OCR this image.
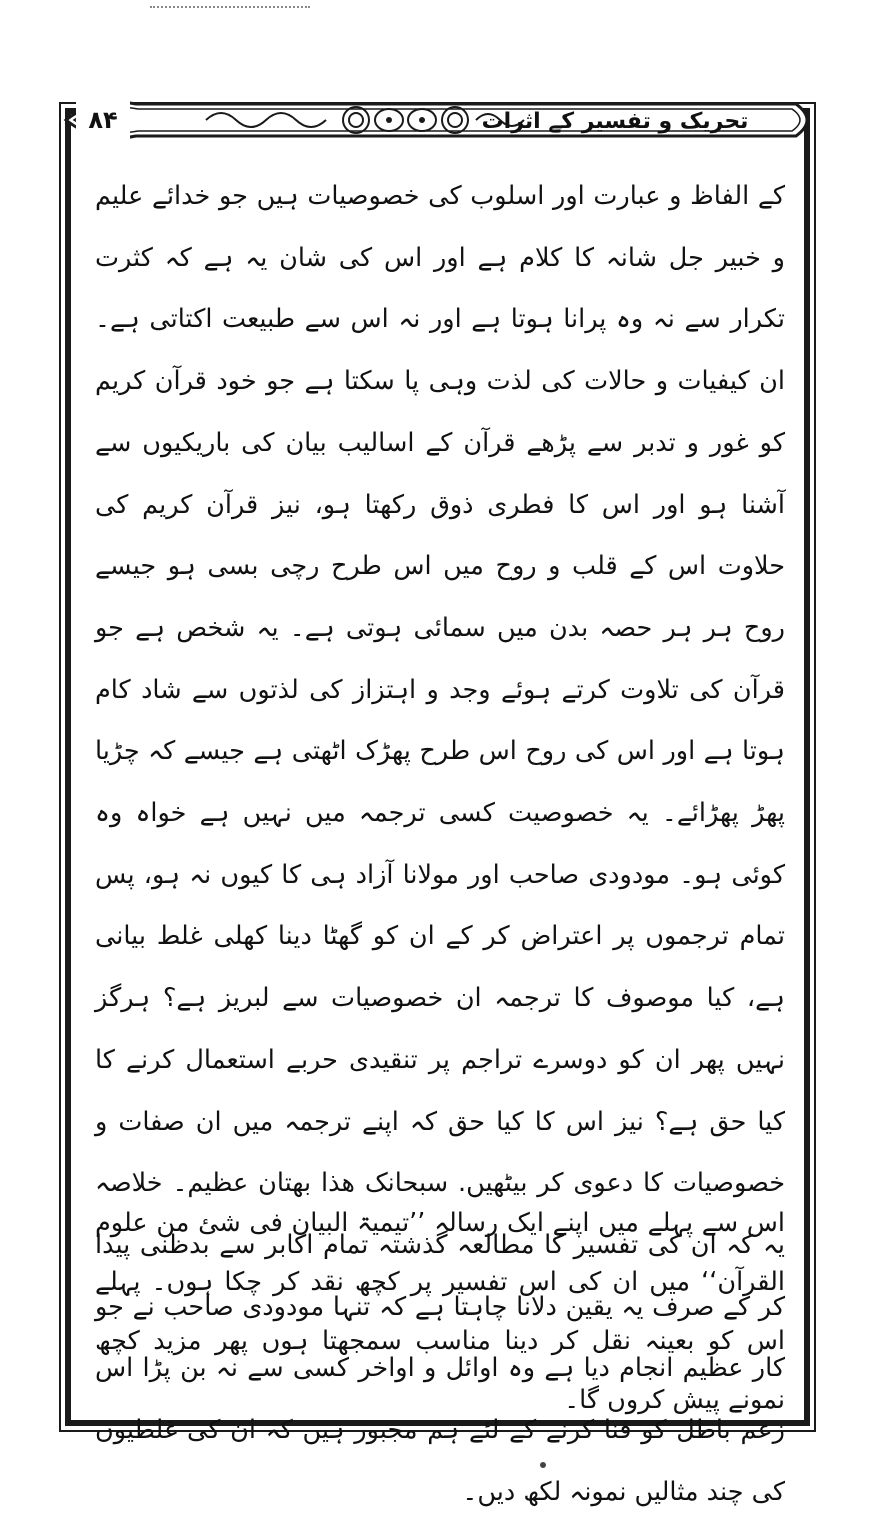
۸۴	تحریک و تفسیر کے اثرات
کے الفاظ و عبارت اور اسلوب کی خصوصیات ہیں جو خدائے علیم و خبیر جل شانہ کا کلام ہے اور اس کی شان یہ ہے کہ کثرت تکرار سے نہ وہ پرانا ہوتا ہے اور نہ اس سے طبیعت اکتاتی ہے۔ ان کیفیات و حالات کی لذت وہی پا سکتا ہے جو خود قرآن کریم کو غور و تدبر سے پڑھے قرآن کے اسالیب بیان کی باریکیوں سے آشنا ہو اور اس کا فطری ذوق رکھتا ہو، نیز قرآن کریم کی حلاوت اس کے قلب و روح میں اس طرح رچی بسی ہو جیسے روح ہر ہر حصہ بدن میں سمائی ہوتی ہے۔ یہ شخص ہے جو قرآن کی تلاوت کرتے ہوئے وجد و اہتزاز کی لذتوں سے شاد کام ہوتا ہے اور اس کی روح اس طرح پھڑک اٹھتی ہے جیسے کہ چڑیا پھڑ پھڑائے۔ یہ خصوصیت کسی ترجمہ میں نہیں ہے خواہ وہ کوئی ہو۔ مودودی صاحب اور مولانا آزاد ہی کا کیوں نہ ہو، پس تمام ترجموں پر اعتراض کر کے ان کو گھٹا دینا کھلی غلط بیانی ہے، کیا موصوف کا ترجمہ ان خصوصیات سے لبریز ہے؟ ہرگز نہیں پھر ان کو دوسرے تراجم پر تنقیدی حربے استعمال کرنے کا کیا حق ہے؟ نیز اس کا کیا حق کہ اپنے ترجمہ میں ان صفات و خصوصیات کا دعوی کر بیٹھیں. سبحانک ھذا بھتان عظیم۔ خلاصہ یہ کہ ان کی تفسیر کا مطالعہ گذشتہ تمام اکابر سے بدظنی پیدا کر کے صرف یہ یقین دلانا چاہتا ہے کہ تنہا مودودی صاحب نے جو کار عظیم انجام دیا ہے وہ اوائل و اواخر کسی سے نہ بن پڑا اس زعم باطل کو فنا کرنے کے لئے ہم مجبور ہیں کہ ان کی غلطیوں کی چند مثالیں نمونہ لکھ دیں۔
اس سے پہلے میں اپنے ایک رسالہ ’’تیمیۃ البیان فی شئ من علوم القرآن‘‘ میں ان کی اس تفسیر پر کچھ نقد کر چکا ہوں۔ پہلے اس کو بعینہ نقل کر دینا مناسب سمجھتا ہوں پھر مزید کچھ نمونے پیش کروں گا۔
